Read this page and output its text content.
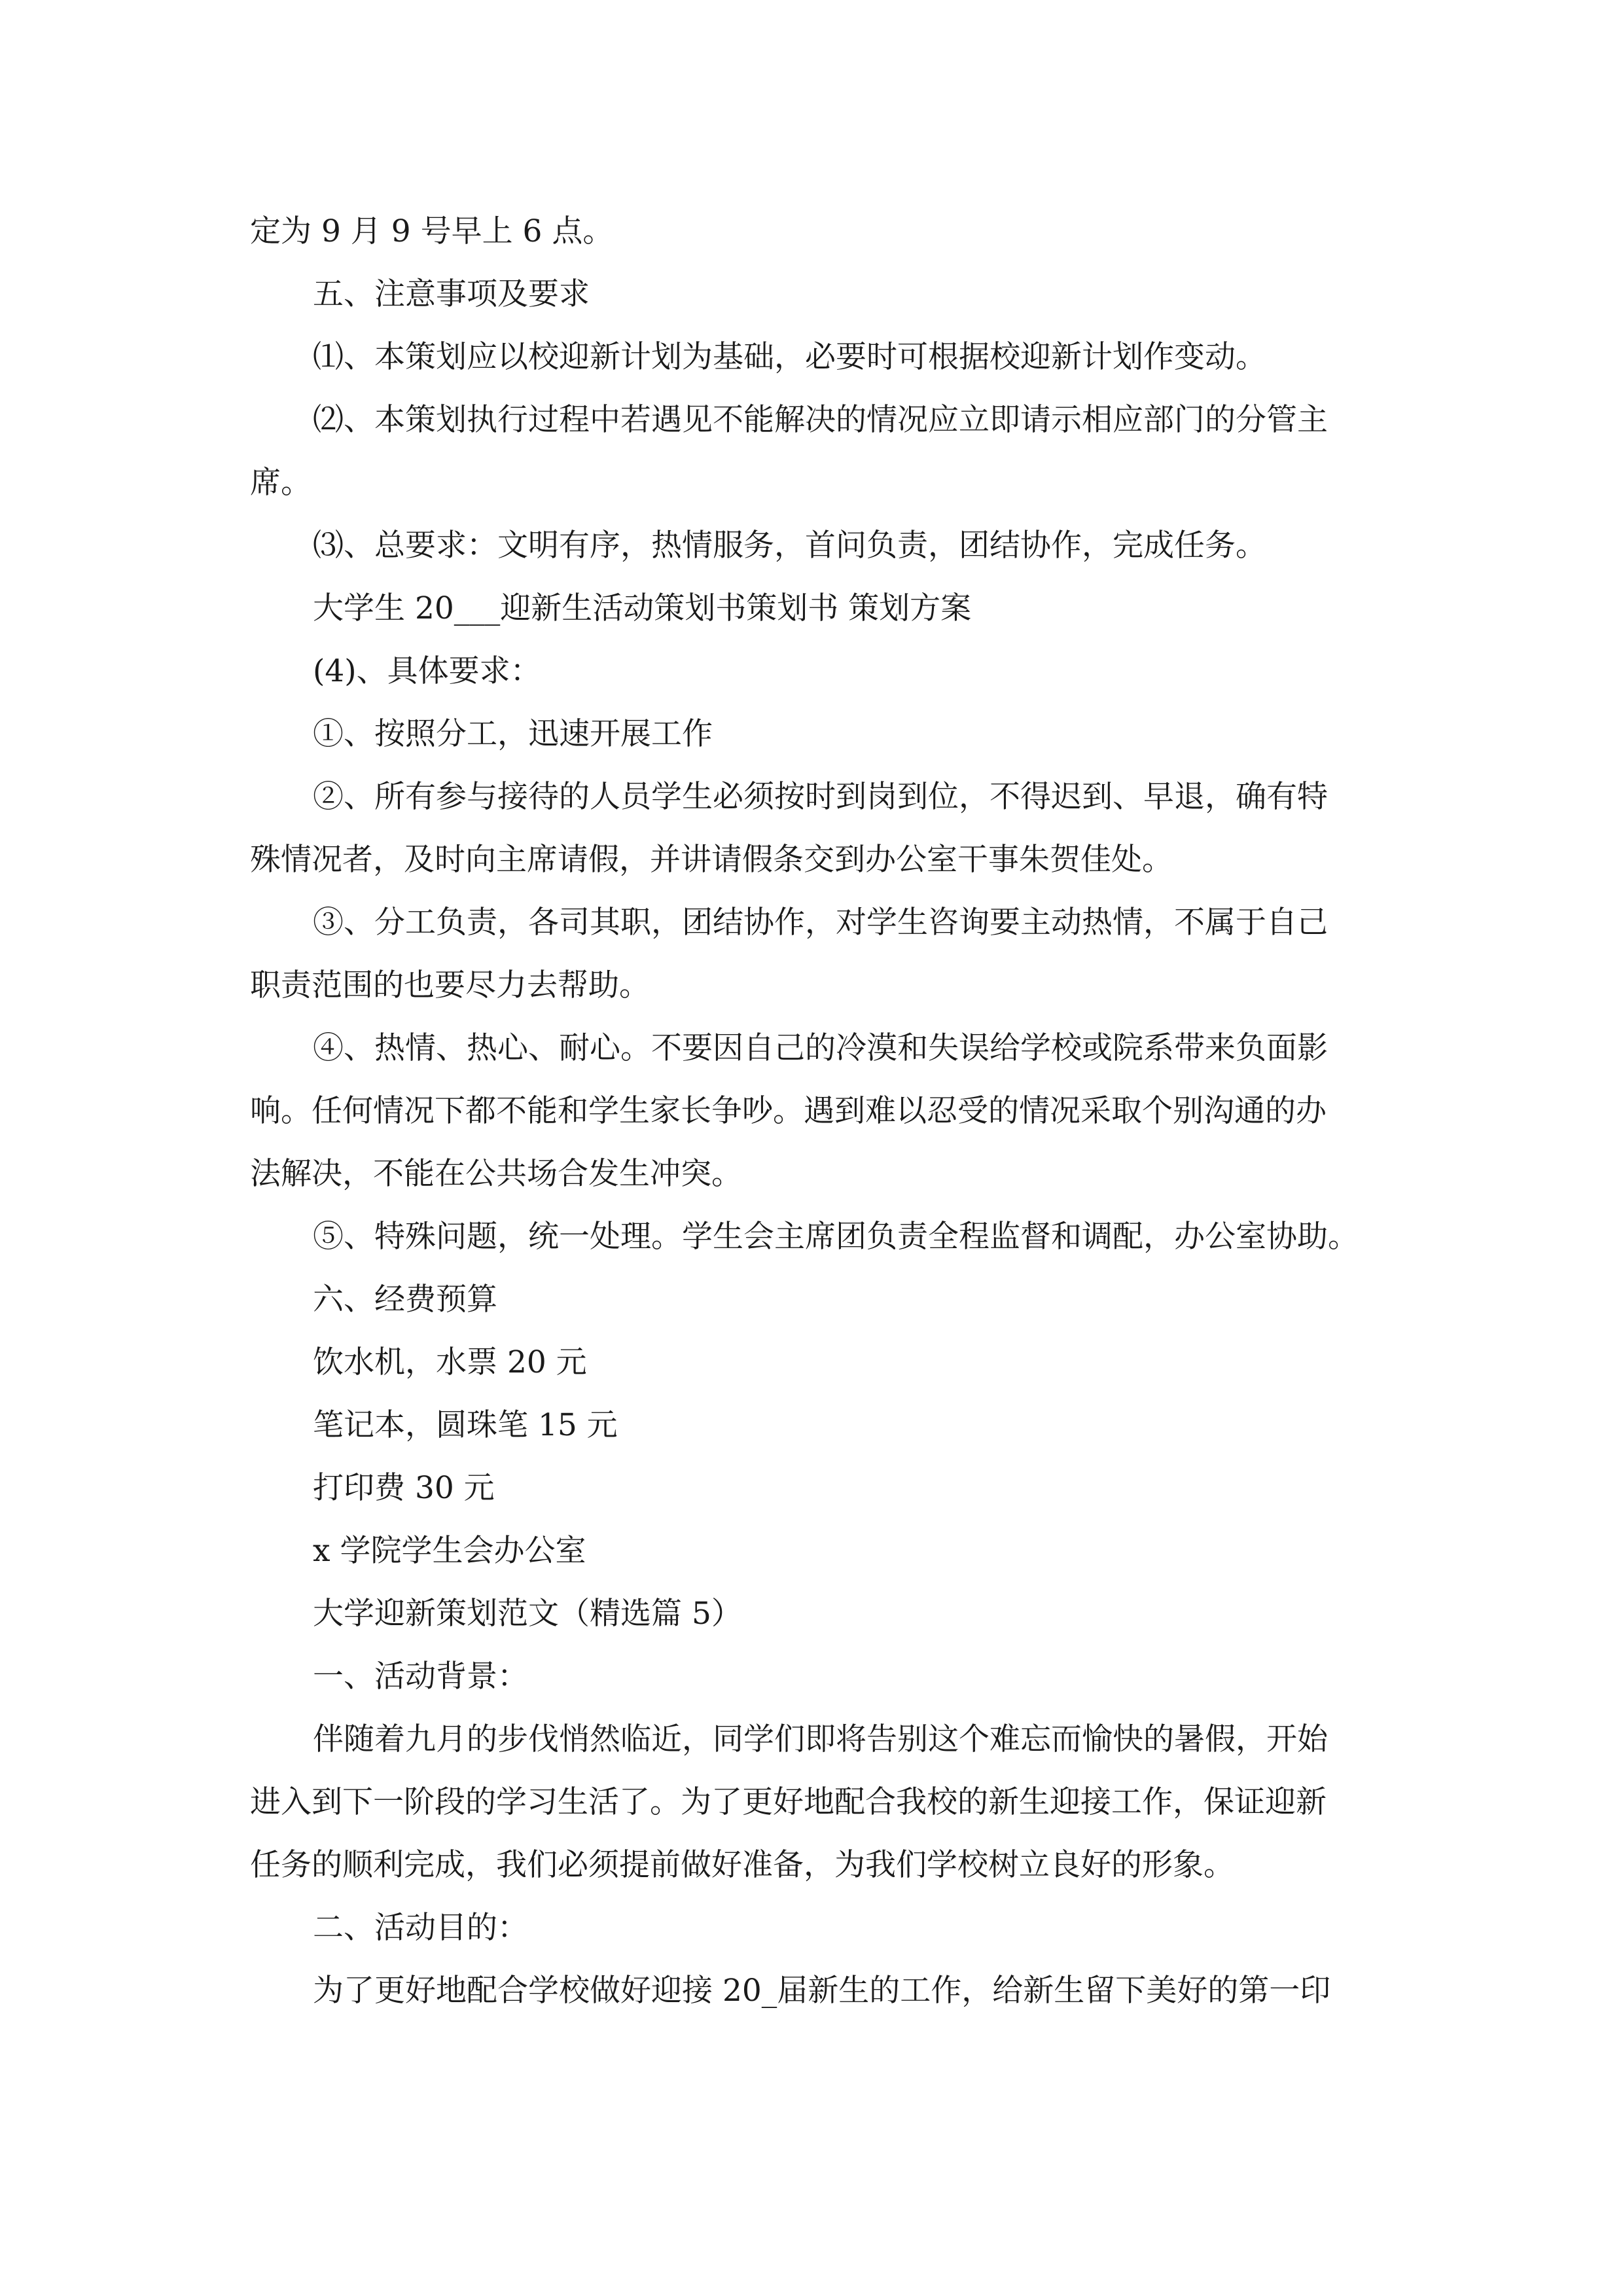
定为 9 月 9 号早上 6 点。
五、注意事项及要求
⑴、本策划应以校迎新计划为基础，必要时可根据校迎新计划作变动。
⑵、本策划执行过程中若遇见不能解决的情况应立即请示相应部门的分管主
席。
⑶、总要求：文明有序，热情服务，首问负责，团结协作，完成任务。
大学生 20___迎新生活动策划书策划书 策划方案
(4)、具体要求：
①、按照分工，迅速开展工作
②、所有参与接待的人员学生必须按时到岗到位，不得迟到、早退，确有特
殊情况者，及时向主席请假，并讲请假条交到办公室干事朱贺佳处。
③、分工负责，各司其职，团结协作，对学生咨询要主动热情，不属于自己
职责范围的也要尽力去帮助。
④、热情、热心、耐心。不要因自己的冷漠和失误给学校或院系带来负面影
响。任何情况下都不能和学生家长争吵。遇到难以忍受的情况采取个别沟通的办
法解决，不能在公共场合发生冲突。
⑤、特殊问题，统一处理。学生会主席团负责全程监督和调配，办公室协助。
六、经费预算
饮水机，水票 20 元
笔记本，圆珠笔 15 元
打印费 30 元
x 学院学生会办公室
大学迎新策划范文（精选篇 5）
一、活动背景：
伴随着九月的步伐悄然临近，同学们即将告别这个难忘而愉快的暑假，开始
进入到下一阶段的学习生活了。为了更好地配合我校的新生迎接工作，保证迎新
任务的顺利完成，我们必须提前做好准备，为我们学校树立良好的形象。
二、活动目的：
为了更好地配合学校做好迎接 20_届新生的工作，给新生留下美好的第一印
